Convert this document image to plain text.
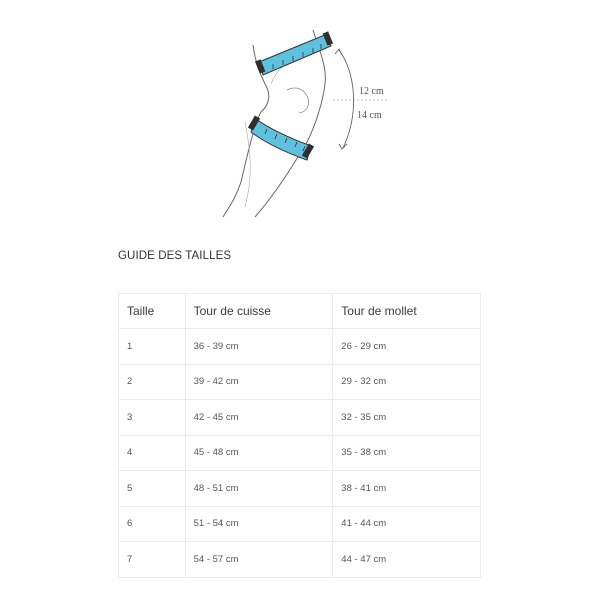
12 cm
14 cm
GUIDE DES TAILLES
Taille	Tour de cuisse	Tour de mollet
1	36 - 39 cm	26 - 29 cm
2	39 - 42 cm	29 - 32 cm
3	42 - 45 cm	32 - 35 cm
4	45 - 48 cm	35 - 38 cm
5	48 - 51 cm	38 - 41 cm
6	51 - 54 cm	41 - 44 cm
7	54 - 57 cm	44 - 47 cm
